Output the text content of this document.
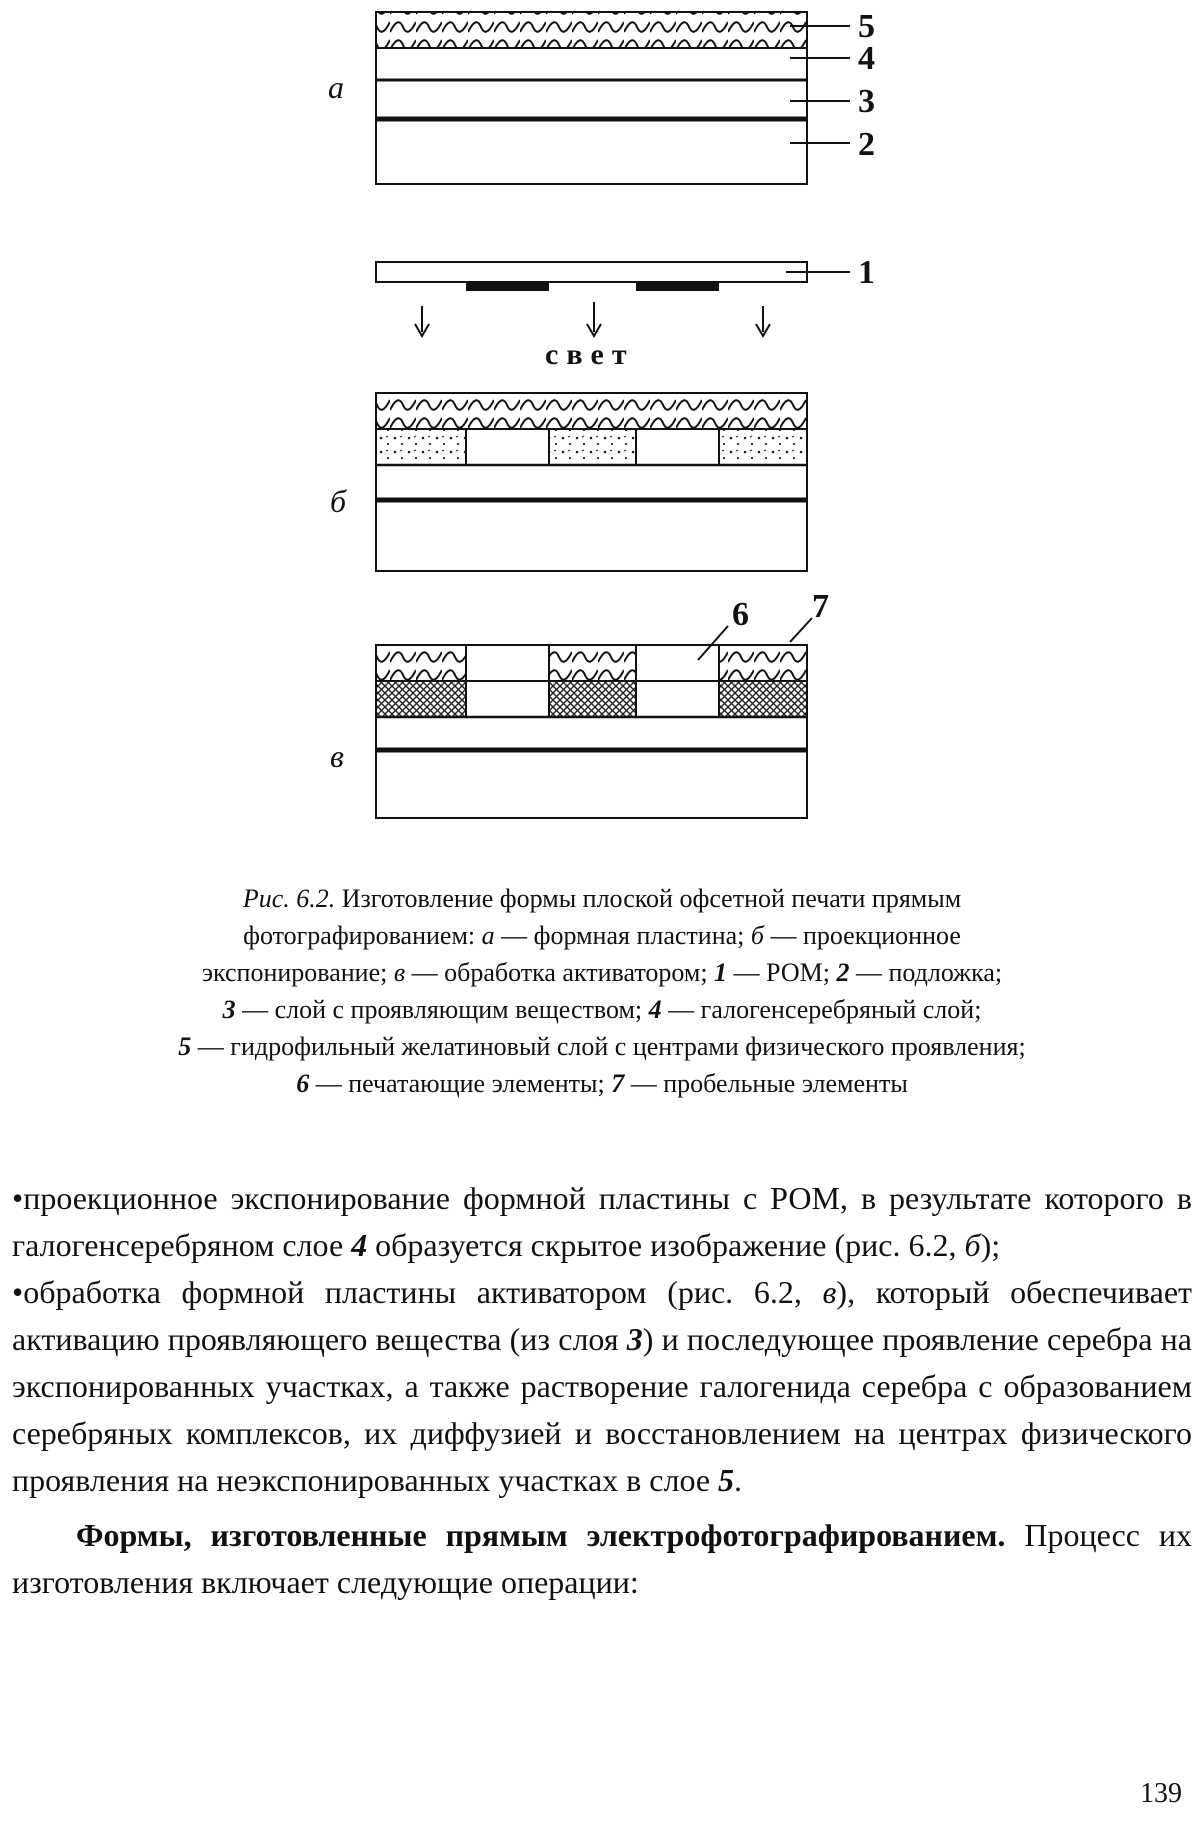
5
4
3
2
а
1
свет
б
6 7
в
Рис. 6.2. Изготовление формы плоской офсетной печати прямым
фотографированием: а — формная пластина; б — проекционное
экспонирование; в — обработка активатором; 1 — РОМ; 2 — подложка;
3 — слой с проявляющим веществом; 4 — галогенсеребряный слой;
5 — гидрофильный желатиновый слой с центрами физического проявления;
6 — печатающие элементы; 7 — пробельные элементы

•проекционное экспонирование формной пластины с РОМ, в результате которого в галогенсеребряном слое 4 образуется скрытое изображение (рис. 6.2, б);

•обработка формной пластины активатором (рис. 6.2, в), который обеспечивает активацию проявляющего вещества (из слоя 3) и последующее проявление серебра на экспонированных участках, а также растворение галогенида серебра с образованием серебряных комплексов, их диффузией и восстановлением на центрах физического проявления на неэкспонированных участках в слое 5.

Формы, изготовленные прямым электрофотографированием. Процесс их изготовления включает следующие операции:

139
